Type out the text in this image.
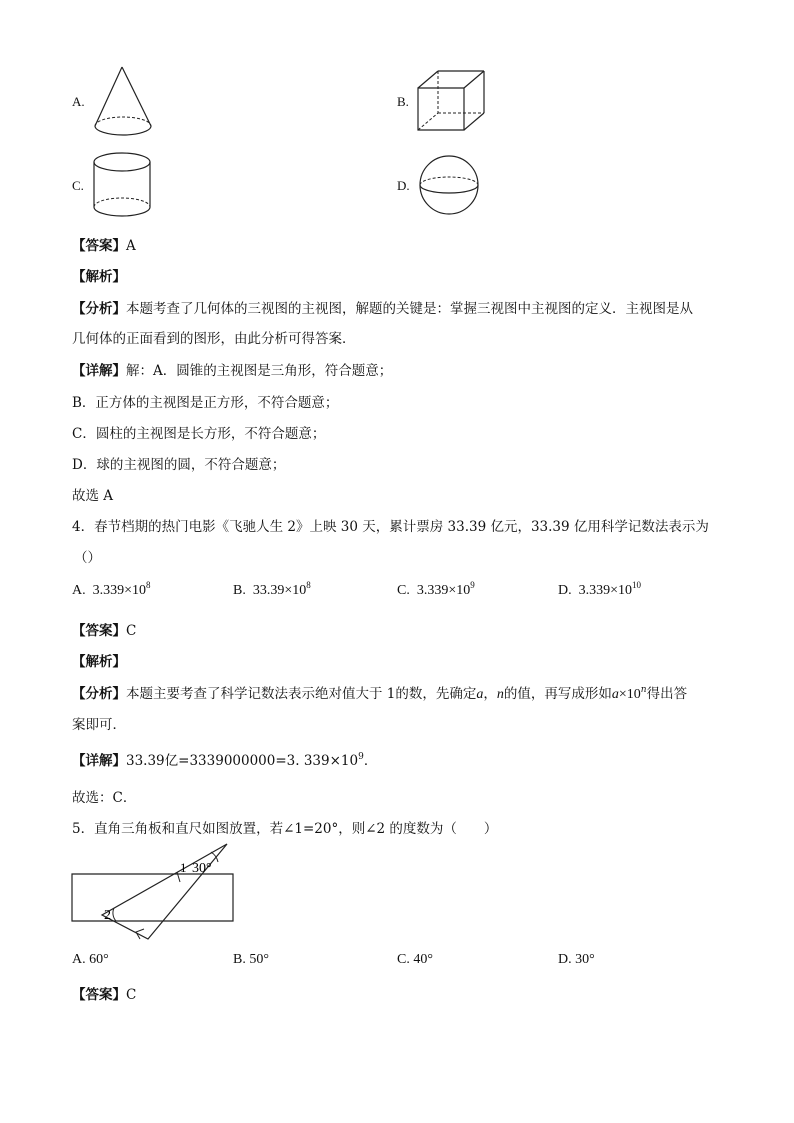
A.	B.
C.	D.
【答案】A
【解析】
【分析】本题考查了几何体的三视图的主视图，解题的关键是：掌握三视图中主视图的定义．主视图是从
几何体的正面看到的图形，由此分析可得答案．
【详解】解：A．圆锥的主视图是三角形，符合题意；
B．正方体的主视图是正方形，不符合题意；
C．圆柱的主视图是长方形，不符合题意；
D．球的主视图的圆，不符合题意；
故选 A
4．春节档期的热门电影《飞驰人生 2》上映 30 天，累计票房 33.39 亿元，33.39 亿用科学记数法表示为
（）
A. $3.339\times 10^8$	B. $33.39\times 10^8$	C. $3.339\times 10^9$	D. $3.339\times 10^{10}$
【答案】C
【解析】
【分析】本题主要考查了科学记数法表示绝对值大于 1的数，先确定a，n的值，再写成形如$a\times 10^n$得出答
案即可．
【详解】33.39亿=3339000000=3. $339\times 10^9$．
故选：C．
5．直角三角板和直尺如图放置，若∠1=20°，则∠2 的度数为（　　）
30°
1
2
A. 60°	B. 50°	C. 40°	D. 30°
【答案】C
